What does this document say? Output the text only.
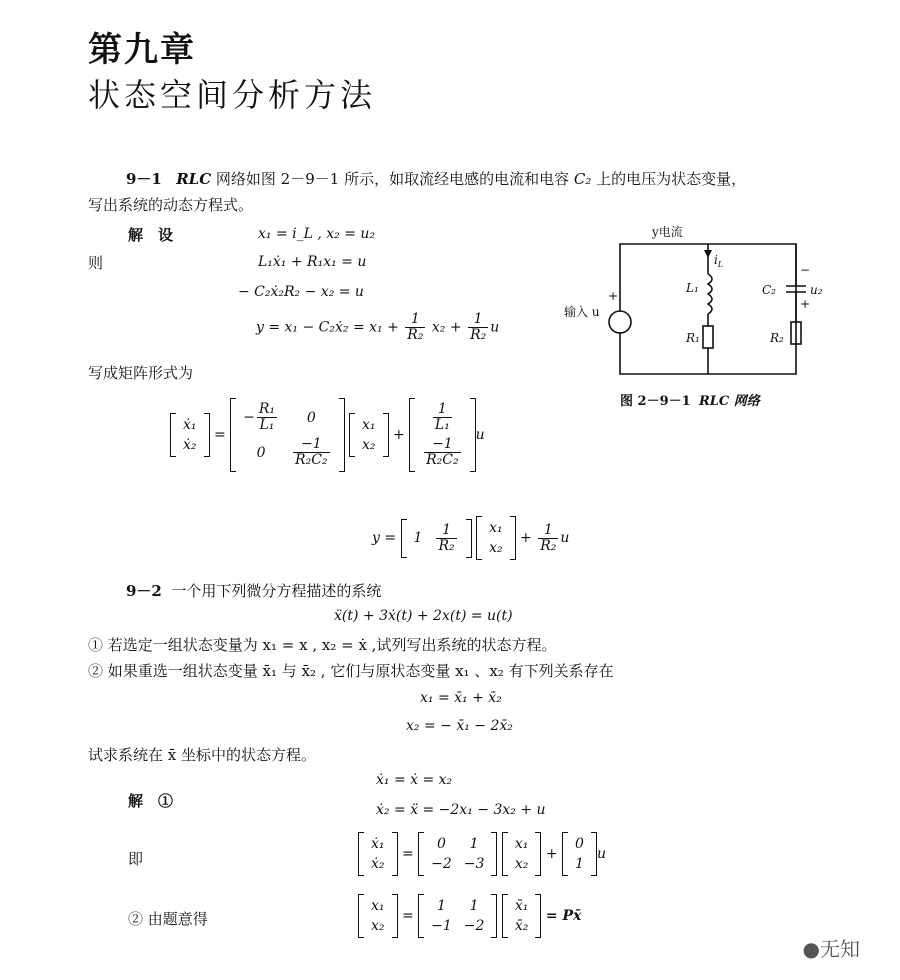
第九章
状态空间分析方法
9－1 RLC 网络如图 2－9－1 所示，如取流经电感的电流和电容 C₂ 上的电压为状态变量，
写出系统的动态方程式。
解　设	x₁ = i_L , x₂ = u₂
则	L₁ẋ₁ + R₁x₁ = u
− C₂ẋ₂R₂ − x₂ = u
y = x₁ − C₂ẋ₂ = $x_1 + \frac{1}{\text{R₂}} x_2 + \frac{1}{\text{R₂}}$ u
写成矩阵形式为
y电流
$i_L$
L₁
R₁
C₂	u₂
R₂
输入 u
+
−
+
图 2－9－1 RLC 网络
ẋ₁
ẋ₂
=
− $\frac{\text{R₁}}{\text{L₁}}$	0
0	$\frac{-1}{\text{R₂C₂}}$

x₁
x₂
+
$\frac{1}{\text{L₁}}$

$\frac{-1}{\text{R₂C₂}}$
u
y = 1	$\frac{1}{\text{R₂}}$
x₁
x₂
+ $\frac{1}{\text{R₂}}$ u
9－2 一个用下列微分方程描述的系统
ẍ(t) + 3ẋ(t) + 2x(t) = u(t)
① 若选定一组状态变量为 x₁ = x , x₂ = ẋ ,试列写出系统的状态方程。
② 如果重选一组状态变量 x̄₁ 与 x̄₂ , 它们与原状态变量 x₁ 、x₂ 有下列关系存在
x₁ = x̄₁ + x̄₂
x₂ = − x̄₁ − 2x̄₂
试求系统在 x̄ 坐标中的状态方程。
ẋ₁ = ẋ = x₂
解　①	ẋ₂ = ẍ = −2x₁ − 3x₂ + u
即
ẋ₁
ẋ₂
=
0	1
−2	−3

x₁
x₂
+
0
1
u
② 由题意得
x₁
x₂
=
1	1
−1	−2

x̄₁
x̄₂
= Px̄
●​无知
